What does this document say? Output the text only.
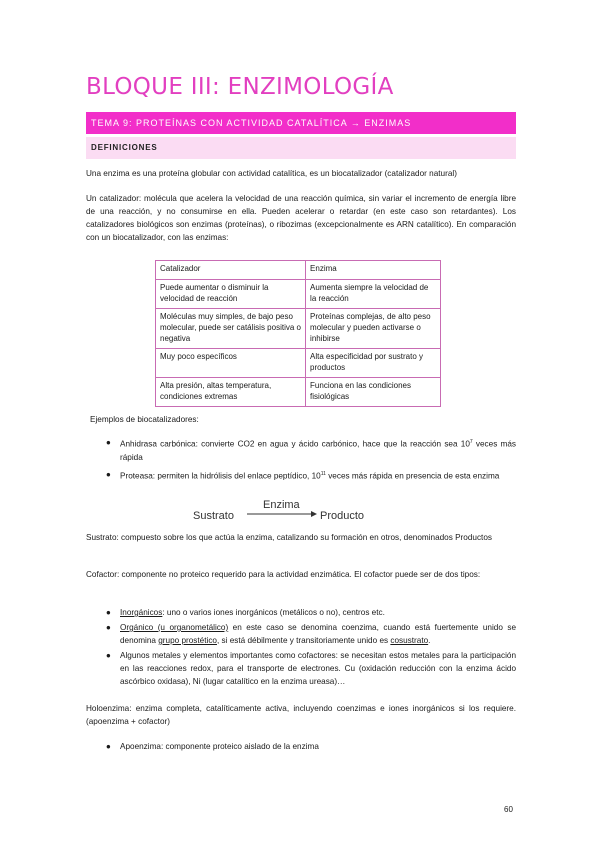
BLOQUE III: ENZIMOLOGÍA
TEMA 9: PROTEÍNAS CON ACTIVIDAD CATALÍTICA → ENZIMAS
DEFINICIONES

Una enzima es una proteína globular con actividad catalítica, es un biocatalizador (catalizador natural)

Un catalizador: molécula que acelera la velocidad de una reacción química, sin variar el incremento de energía libre de una reacción, y no consumirse en ella. Pueden acelerar o retardar (en este caso son retardantes). Los catalizadores biológicos son enzimas (proteínas), o ribozimas (excepcionalmente es ARN catalítico). En comparación con un biocatalizador, con las enzimas:

Catalizador	Enzima
Puede aumentar o disminuir la velocidad de reacción	Aumenta siempre la velocidad de la reacción
Moléculas muy simples, de bajo peso molecular, puede ser catálisis positiva o negativa	Proteínas complejas, de alto peso molecular y pueden activarse o inhibirse
Muy poco específicos	Alta especificidad por sustrato y productos
Alta presión, altas temperatura, condiciones extremas	Funciona en las condiciones fisiológicas

Ejemplos de biocatalizadores:

● Anhidrasa carbónica: convierte CO2 en agua y ácido carbónico, hace que la reacción sea $10^7$ veces más rápida
● Proteasa: permiten la hidrólisis del enlace peptídico, $10^{11}$ veces más rápida en presencia de esta enzima
Sustrato
Enzima
Producto

Sustrato: compuesto sobre los que actúa la enzima, catalizando su formación en otros, denominados Productos

Cofactor: componente no proteico requerido para la actividad enzimática. El cofactor puede ser de dos tipos:

● Inorgánicos: uno o varios iones inorgánicos (metálicos o no), centros etc.
● Orgánico (u organometálico) en este caso se denomina coenzima, cuando está fuertemente unido se denomina grupo prostético, si está débilmente y transitoriamente unido es cosustrato.
● Algunos metales y elementos importantes como cofactores: se necesitan estos metales para la participación en las reacciones redox, para el transporte de electrones. Cu (oxidación reducción con la enzima ácido ascórbico oxidasa), Ni (lugar catalítico en la enzima ureasa)…

Holoenzima: enzima completa, catalíticamente activa, incluyendo coenzimas e iones inorgánicos si los requiere. (apoenzima + cofactor)

● Apoenzima: componente proteico aislado de la enzima
60
